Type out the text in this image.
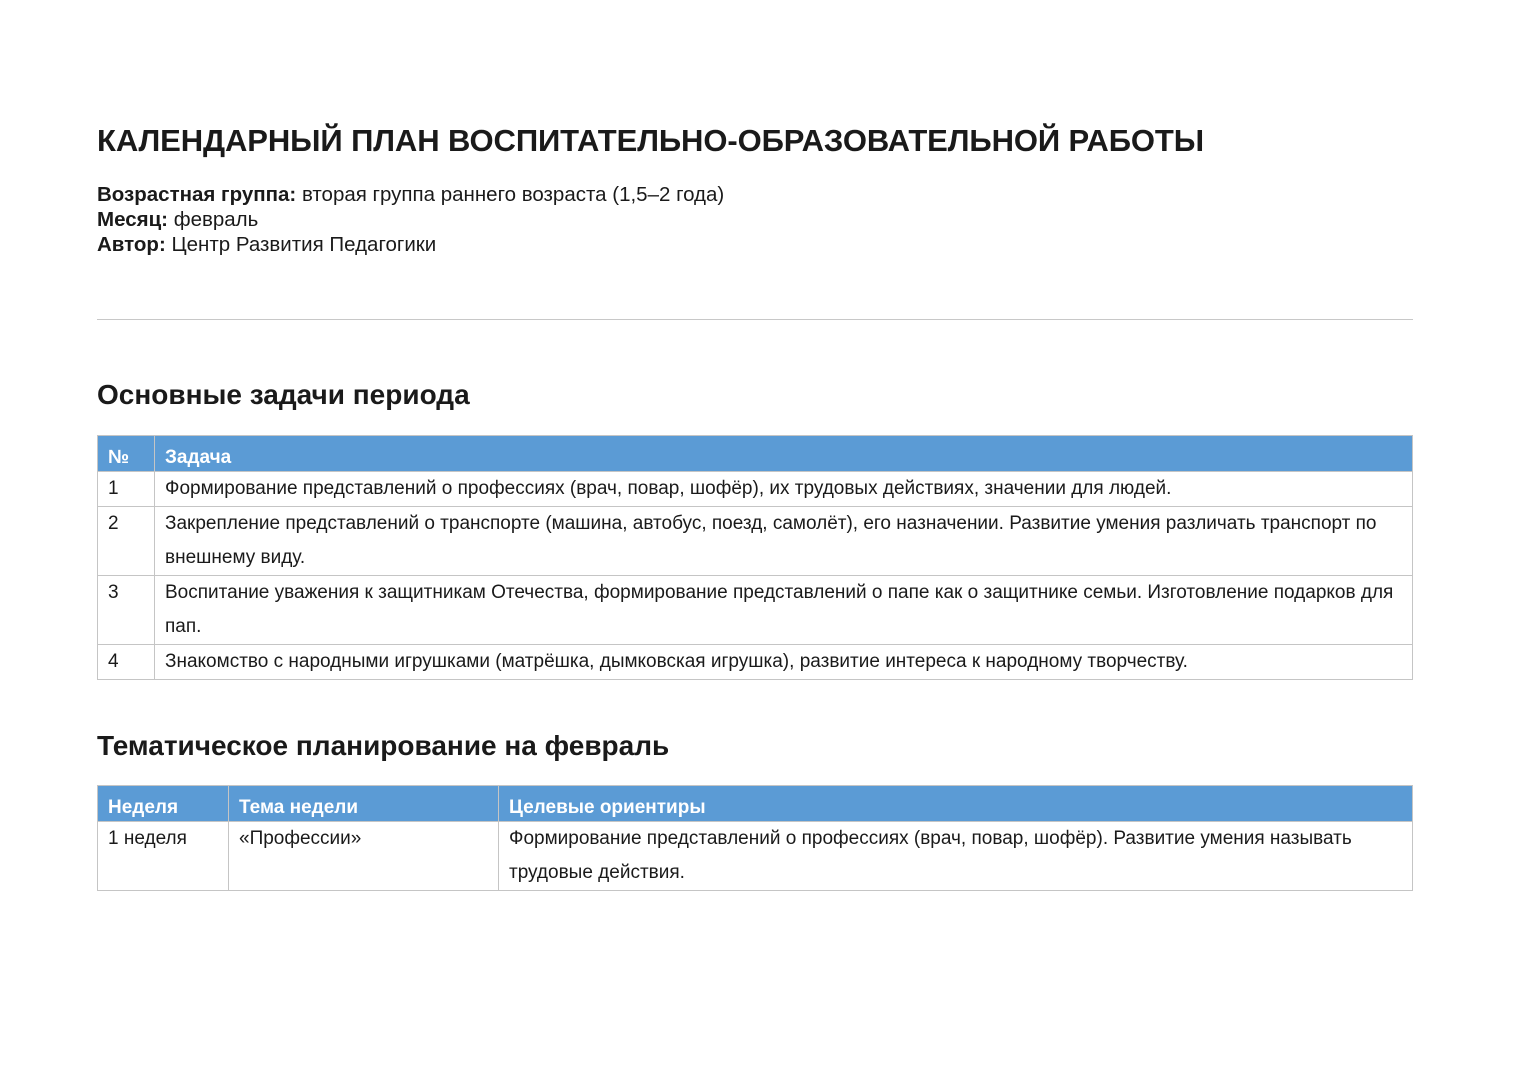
КАЛЕНДАРНЫЙ ПЛАН ВОСПИТАТЕЛЬНО-ОБРАЗОВАТЕЛЬНОЙ РАБОТЫ
Возрастная группа: вторая группа раннего возраста (1,5–2 года)
Месяц: февраль
Автор: Центр Развития Педагогики
Основные задачи периода
№	Задача

1	Формирование представлений о профессиях (врач, повар, шофёр), их трудовых действиях, значении для людей.

2	Закрепление представлений о транспорте (машина, автобус, поезд, самолёт), его назначении. Развитие умения различать транспорт по внешнему виду.

3	Воспитание уважения к защитникам Отечества, формирование представлений о папе как о защитнике семьи. Изготовление подарков для пап.

4	Знакомство с народными игрушками (матрёшка, дымковская игрушка), развитие интереса к народному творчеству.
Тематическое планирование на февраль
Неделя	Тема недели	Целевые ориентиры

1 неделя	«Профессии»	Формирование представлений о профессиях (врач, повар, шофёр). Развитие умения называть трудовые действия.
